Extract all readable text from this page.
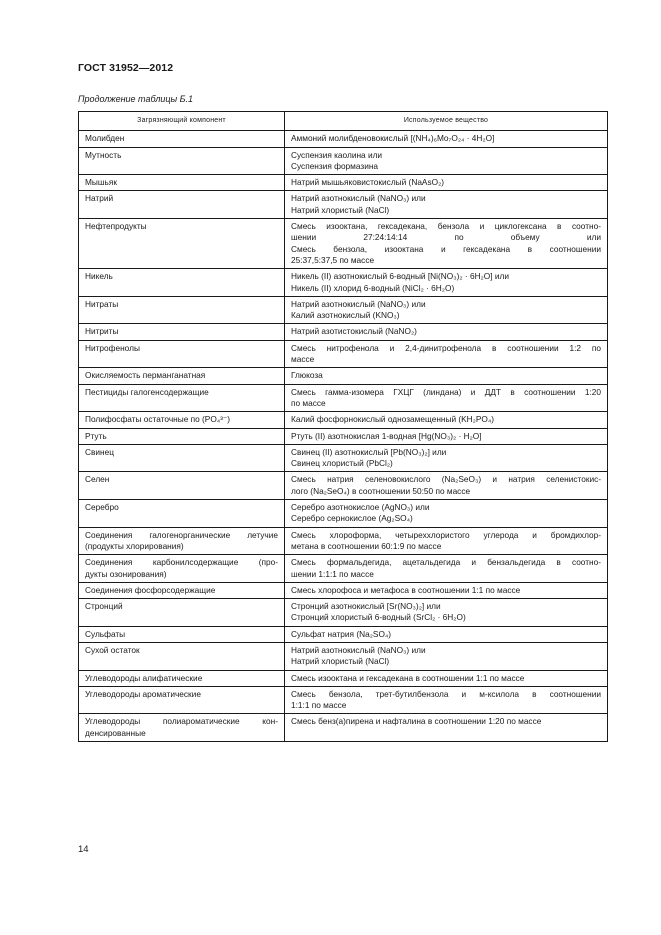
ГОСТ 31952—2012
Продолжение таблицы Б.1
Загрязняющий компонент	Используемое вещество

Молибден	Аммоний молибденовокислый [(NH₄)₆Mo₇O₂₄ · 4H₂O]

Мутность	Суспензия каолина или
Суспензия формазина

Мышьяк	Натрий мышьяковистокислый (NaAsO₂)

Натрий	Натрий азотнокислый (NaNO₃) или
Натрий хлористый (NaCl)

Нефтепродукты	Смесь изооктана, гексадекана, бензола и циклогексана в соотно-
шении 27:24:14:14 по объему или
Смесь бензола, изооктана и гексадекана в соотношении
25:37,5:37,5 по массе

Никель	Никель (II) азотнокислый 6-водный [Ni(NO₃)₂ · 6H₂O] или
Никель (II) хлорид 6-водный (NiCl₂ · 6H₂O)

Нитраты	Натрий азотнокислый (NaNO₃) или
Калий азотнокислый (KNO₃)

Нитриты	Натрий азотистокислый (NaNO₂)

Нитрофенолы	Смесь нитрофенола и 2,4-динитрофенола в соотношении 1:2 по
массе

Окисляемость перманганатная	Глюкоза

Пестициды галогенсодержащие	Смесь гамма-изомера ГХЦГ (линдана) и ДДТ в соотношении 1:20
по массе

Полифосфаты остаточные по (PO₄³⁻)	Калий фосфорнокислый однозамещенный (KH₂PO₄)

Ртуть	Ртуть (II) азотнокислая 1-водная [Hg(NO₃)₂ · H₂O]

Свинец	Свинец (II) азотнокислый [Pb(NO₃)₂] или
Свинец хлористый (PbCl₂)

Селен	Смесь натрия селеновокислого (Na₂SeO₃) и натрия селенистокис-
лого (Na₂SeO₄) в соотношении 50:50 по массе

Серебро	Серебро азотнокислое (AgNO₃) или
Серебро сернокислое (Ag₂SO₄)

Соединения галогенорганические летучие
(продукты хлорирования)	Смесь хлороформа, четыреххлористого углерода и бромдихлор-
метана в соотношении 60:1:9 по массе

Соединения карбонилсодержащие (про-
дукты озонирования)	Смесь формальдегида, ацетальдегида и бензальдегида в соотно-
шении 1:1:1 по массе

Соединения фосфорсодержащие	Смесь хлорофоса и метафоса в соотношении 1:1 по массе

Стронций	Стронций азотнокислый [Sr(NO₃)₂] или
Стронций хлористый 6-водный (SrCl₂ · 6H₂O)

Сульфаты	Сульфат натрия (Na₂SO₄)

Сухой остаток	Натрий азотнокислый (NaNO₃) или
Натрий хлористый (NaCl)

Углеводороды алифатические	Смесь изооктана и гексадекана в соотношении 1:1 по массе

Углеводороды ароматические	Смесь бензола, трет-бутилбензола и м-ксилола в соотношении
1:1:1 по массе

Углеводороды полиароматические кон-
денсированные	Смесь бенз(а)пирена и нафталина в соотношении 1:20 по массе
14
